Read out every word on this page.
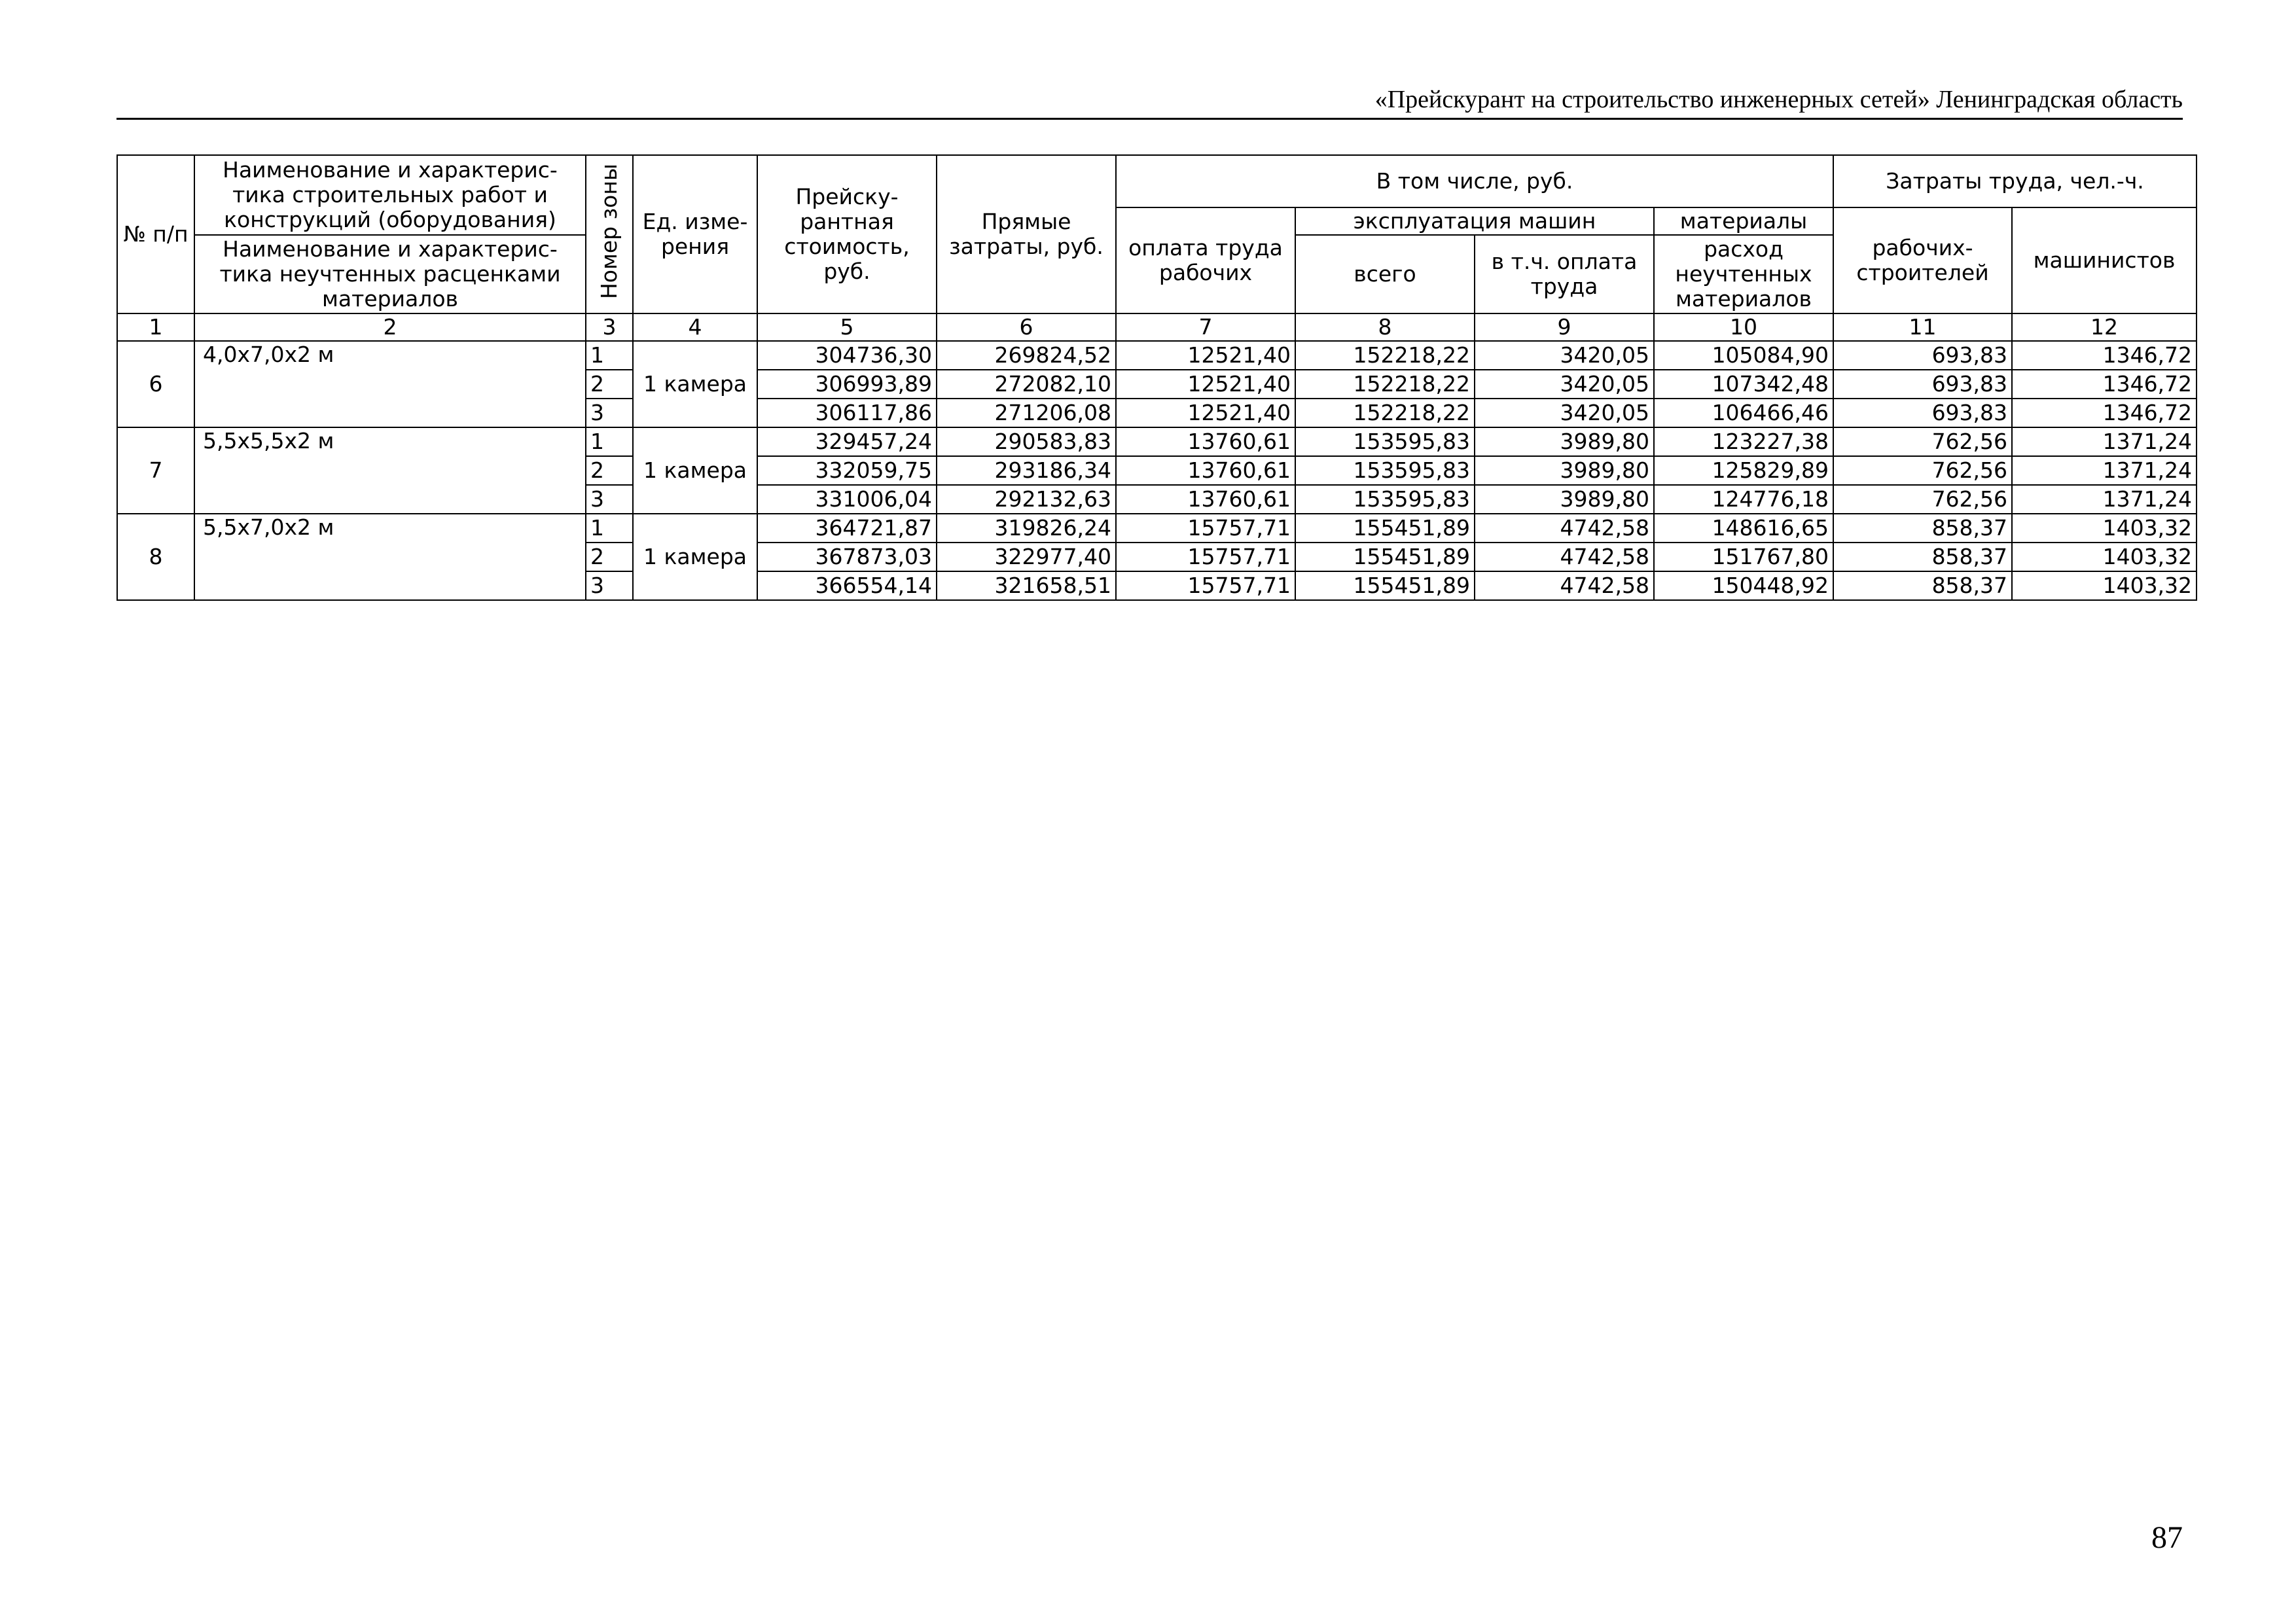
«Прейскурант на строительство инженерных сетей» Ленинградская область
№ п/п	Наименование и характерис-тика строительных работ и конструкций (оборудования)	Номер зоны	Ед. изме-рения	Прейску-рантная стоимость, руб.	Прямые затраты, руб.	В том числе, руб.				Затраты труда, чел.-ч.	
						оплата труда рабочих	эксплуатация машин		материалы	рабочих-строителей	машинистов
	Наименование и характерис-тика неучтенных расценками материалов						всего	в т.ч. оплата труда	расход неучтенных материалов		

1	2	3	4	5	6	7	8	9	10	11	12
6	4,0х7,0х2 м	1	1 камера	304736,30	269824,52	12521,40	152218,22	3420,05	105084,90	693,83	1346,72
		2		306993,89	272082,10	12521,40	152218,22	3420,05	107342,48	693,83	1346,72
		3		306117,86	271206,08	12521,40	152218,22	3420,05	106466,46	693,83	1346,72
7	5,5х5,5х2 м	1	1 камера	329457,24	290583,83	13760,61	153595,83	3989,80	123227,38	762,56	1371,24
		2		332059,75	293186,34	13760,61	153595,83	3989,80	125829,89	762,56	1371,24
		3		331006,04	292132,63	13760,61	153595,83	3989,80	124776,18	762,56	1371,24
8	5,5х7,0х2 м	1	1 камера	364721,87	319826,24	15757,71	155451,89	4742,58	148616,65	858,37	1403,32
		2		367873,03	322977,40	15757,71	155451,89	4742,58	151767,80	858,37	1403,32
		3		366554,14	321658,51	15757,71	155451,89	4742,58	150448,92	858,37	1403,32
87
